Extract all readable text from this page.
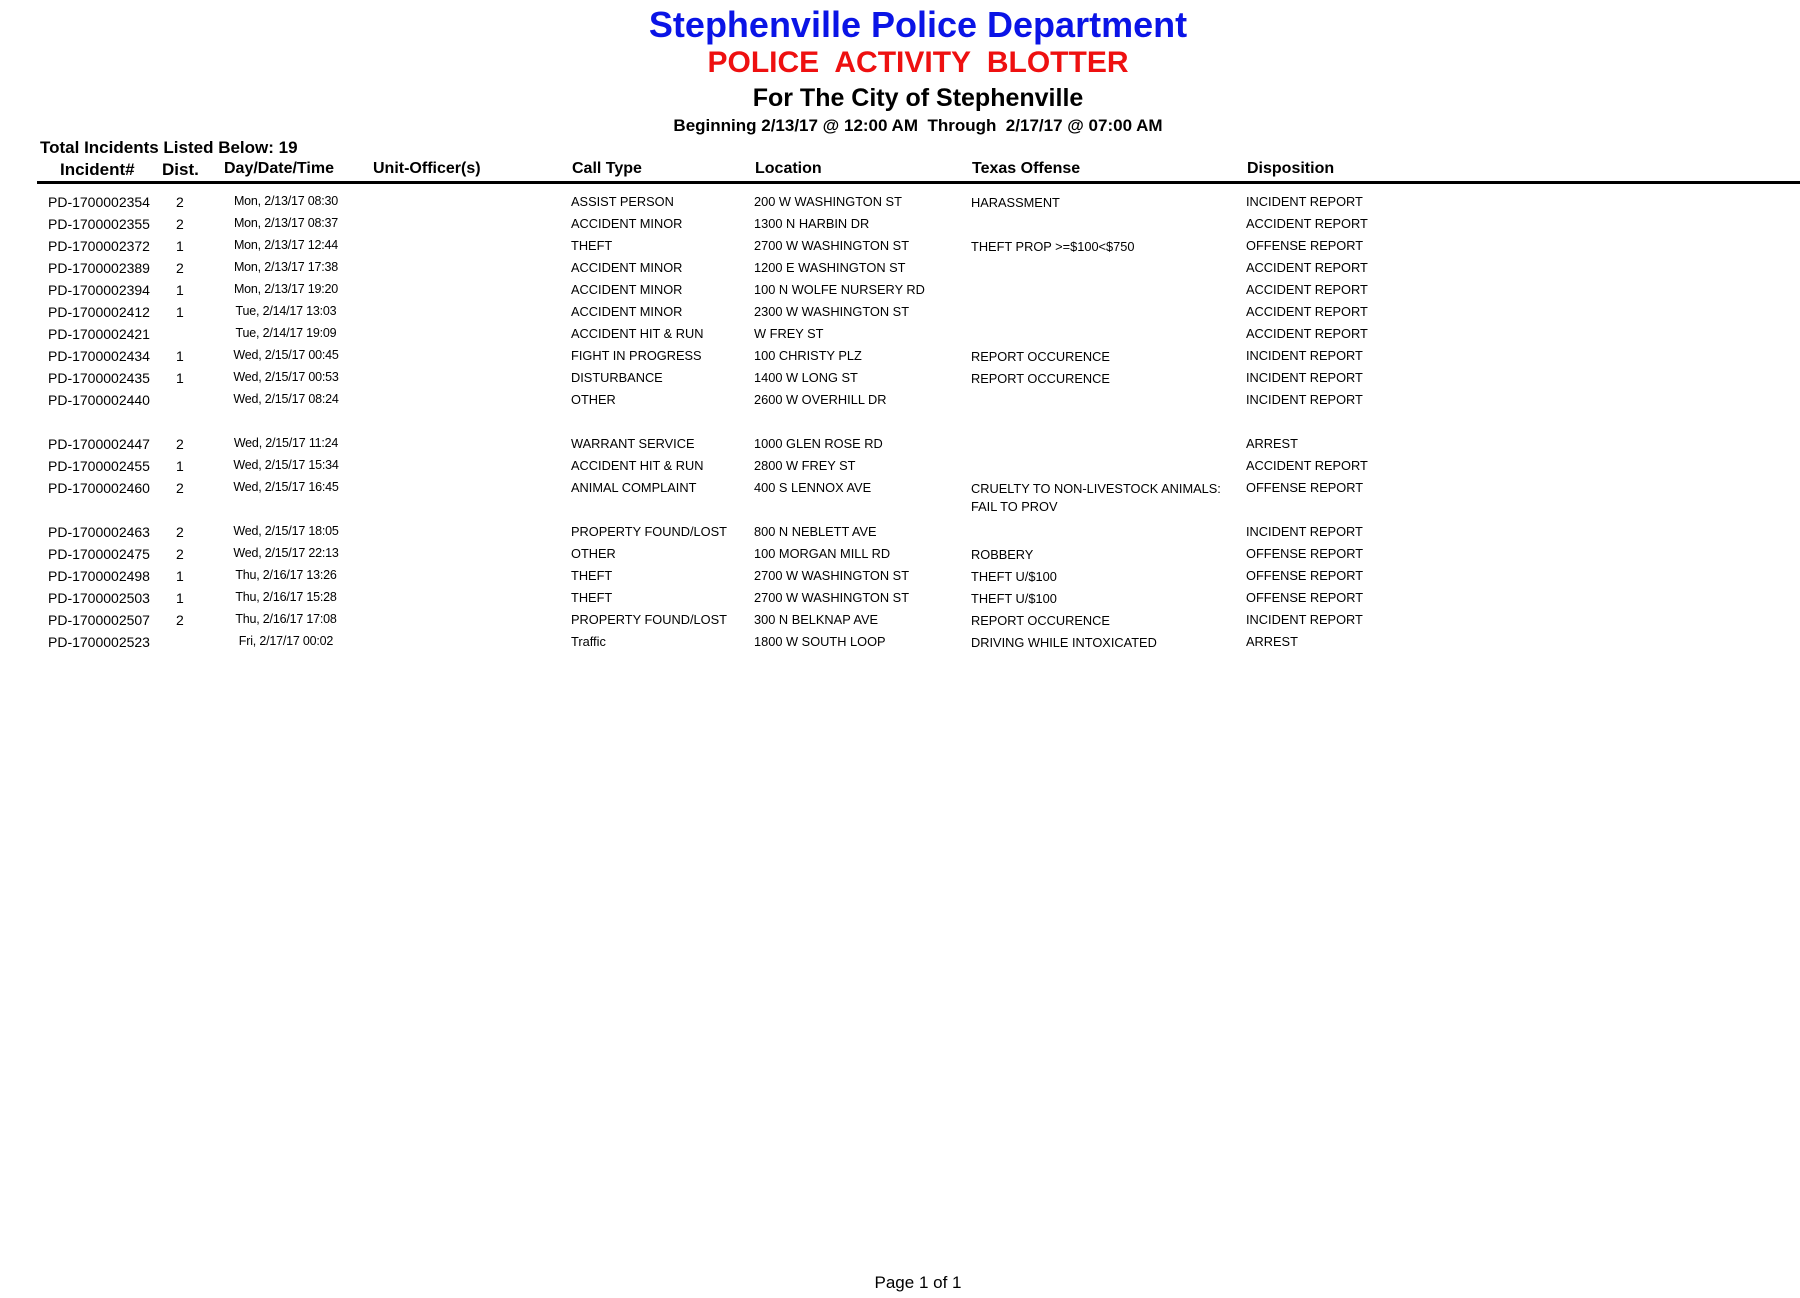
Stephenville Police Department
POLICE ACTIVITY BLOTTER
For The City of Stephenville
Beginning 2/13/17 @ 12:00 AM  Through  2/17/17 @ 07:00 AM
Total Incidents Listed Below: 19
Incident# Dist. Day/Date/Time Unit-Officer(s)	Call Type	Location	Texas Offense	Disposition
PD-1700002354 2	Mon, 2/13/17 08:30	ASSIST PERSON	200 W WASHINGTON ST	HARASSMENT	INCIDENT REPORT
PD-1700002355 2	Mon, 2/13/17 08:37	ACCIDENT MINOR	1300 N HARBIN DR	ACCIDENT REPORT
PD-1700002372 1	Mon, 2/13/17 12:44	THEFT	2700 W WASHINGTON ST	THEFT PROP >=$100<$750	OFFENSE REPORT
PD-1700002389 2	Mon, 2/13/17 17:38	ACCIDENT MINOR	1200 E WASHINGTON ST	ACCIDENT REPORT
PD-1700002394 1	Mon, 2/13/17 19:20	ACCIDENT MINOR	100 N WOLFE NURSERY RD	ACCIDENT REPORT
PD-1700002412 1	Tue, 2/14/17 13:03	ACCIDENT MINOR	2300 W WASHINGTON ST	ACCIDENT REPORT
PD-1700002421	Tue, 2/14/17 19:09	ACCIDENT HIT & RUN	W FREY ST	ACCIDENT REPORT
PD-1700002434 1	Wed, 2/15/17 00:45	FIGHT IN PROGRESS	100 CHRISTY PLZ	REPORT OCCURENCE	INCIDENT REPORT
PD-1700002435 1	Wed, 2/15/17 00:53	DISTURBANCE	1400 W LONG ST	REPORT OCCURENCE	INCIDENT REPORT
PD-1700002440	Wed, 2/15/17 08:24	OTHER	2600 W OVERHILL DR	INCIDENT REPORT
PD-1700002447 2	Wed, 2/15/17 11:24	WARRANT SERVICE	1000 GLEN ROSE RD	ARREST
PD-1700002455 1	Wed, 2/15/17 15:34	ACCIDENT HIT & RUN	2800 W FREY ST	ACCIDENT REPORT
PD-1700002460 2	Wed, 2/15/17 16:45	ANIMAL COMPLAINT	400 S LENNOX AVE	CRUELTY TO NON-LIVESTOCK ANIMALS:
FAIL TO PROV
OFFENSE REPORT
PD-1700002463 2	Wed, 2/15/17 18:05	PROPERTY FOUND/LOST 800 N NEBLETT AVE	INCIDENT REPORT
PD-1700002475 2	Wed, 2/15/17 22:13	OTHER	100 MORGAN MILL RD	ROBBERY	OFFENSE REPORT
PD-1700002498 1	Thu, 2/16/17 13:26	THEFT	2700 W WASHINGTON ST	THEFT U/$100	OFFENSE REPORT
PD-1700002503 1	Thu, 2/16/17 15:28	THEFT	2700 W WASHINGTON ST	THEFT U/$100	OFFENSE REPORT
PD-1700002507 2	Thu, 2/16/17 17:08	PROPERTY FOUND/LOST 300 N BELKNAP AVE	REPORT OCCURENCE	INCIDENT REPORT
PD-1700002523	Fri, 2/17/17 00:02	Traffic	1800 W SOUTH LOOP	DRIVING WHILE INTOXICATED	ARREST
Page 1 of 1
